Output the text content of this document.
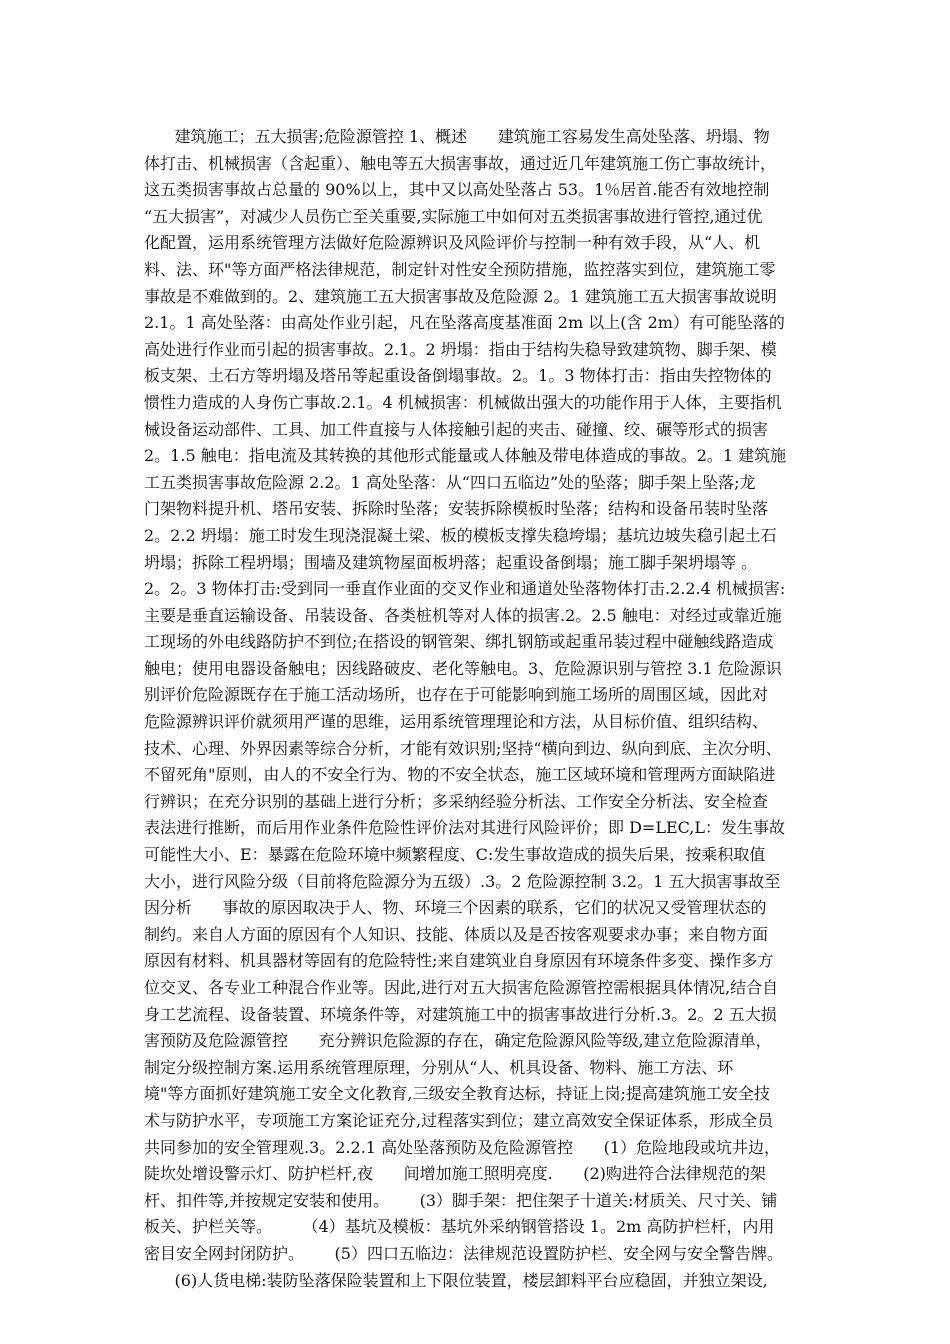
建筑施工；五大损害;危险源管控 1、概述      建筑施工容易发生高处坠落、坍塌、物
体打击、机械损害（含起重）、触电等五大损害事故，通过近几年建筑施工伤亡事故统计，
这五类损害事故占总量的 90%以上，其中又以高处坠落占 53。1％居首.能否有效地控制
“五大损害”，对减少人员伤亡至关重要,实际施工中如何对五类损害事故进行管控,通过优
化配置，运用系统管理方法做好危险源辨识及风险评价与控制一种有效手段，从“人、机
料、法、环"等方面严格法律规范，制定针对性安全预防措施，监控落实到位，建筑施工零
事故是不难做到的。2、建筑施工五大损害事故及危险源 2。1 建筑施工五大损害事故说明
2.1。1 高处坠落：由高处作业引起，凡在坠落高度基准面 2m 以上(含 2m）有可能坠落的
高处进行作业而引起的损害事故。2.1。2 坍塌：指由于结构失稳导致建筑物、脚手架、模
板支架、土石方等坍塌及塔吊等起重设备倒塌事故。2。1。3 物体打击：指由失控物体的
惯性力造成的人身伤亡事故.2.1。4 机械损害：机械做出强大的功能作用于人体，主要指机
械设备运动部件、工具、加工件直接与人体接触引起的夹击、碰撞、绞、碾等形式的损害
2。1.5 触电：指电流及其转换的其他形式能量或人体触及带电体造成的事故。2。1 建筑施
工五类损害事故危险源 2.2。1 高处坠落：从“四口五临边”处的坠落；脚手架上坠落;龙
门架物料提升机、塔吊安装、拆除时坠落；安装拆除模板时坠落；结构和设备吊装时坠落
2。2.2 坍塌：施工时发生现浇混凝土梁、板的模板支撑失稳垮塌；基坑边坡失稳引起土石
坍塌；拆除工程坍塌；围墙及建筑物屋面板坍落；起重设备倒塌；施工脚手架坍塌等 。
2。2。3 物体打击:受到同一垂直作业面的交叉作业和通道处坠落物体打击.2.2.4 机械损害:
主要是垂直运输设备、吊装设备、各类桩机等对人体的损害.2。2.5 触电：对经过或靠近施
工现场的外电线路防护不到位;在搭设的钢管架、绑扎钢筋或起重吊装过程中碰触线路造成
触电；使用电器设备触电；因线路破皮、老化等触电。3、危险源识别与管控 3.1 危险源识
别评价危险源既存在于施工活动场所，也存在于可能影响到施工场所的周围区域，因此对
危险源辨识评价就须用严谨的思维，运用系统管理理论和方法，从目标价值、组织结构、
技术、心理、外界因素等综合分析，才能有效识别;坚持“横向到边、纵向到底、主次分明、
不留死角"原则，由人的不安全行为、物的不安全状态，施工区域环境和管理两方面缺陷进
行辨识；在充分识别的基础上进行分析；多采纳经验分析法、工作安全分析法、安全检查
表法进行推断，而后用作业条件危险性评价法对其进行风险评价；即 D=LEC,L：发生事故
可能性大小、E：暴露在危险环境中频繁程度、C:发生事故造成的损失后果，按乘积取值
大小，进行风险分级（目前将危险源分为五级）.3。2 危险源控制 3.2。1 五大损害事故至
因分析      事故的原因取决于人、物、环境三个因素的联系，它们的状况又受管理状态的
制约。来自人方面的原因有个人知识、技能、体质以及是否按客观要求办事；来自物方面
原因有材料、机具器材等固有的危险特性;来自建筑业自身原因有环境条件多变、操作多方
位交叉、各专业工种混合作业等。因此,进行对五大损害危险源管控需根据具体情况,结合自
身工艺流程、设备装置、环境条件等，对建筑施工中的损害事故进行分析.3。2。2 五大损
害预防及危险源管控      充分辨识危险源的存在，确定危险源风险等级,建立危险源清单，
制定分级控制方案.运用系统管理原理，分别从“人、机具设备、物料、施工方法、环
境"等方面抓好建筑施工安全文化教育,三级安全教育达标，持证上岗;提高建筑施工安全技
术与防护水平，专项施工方案论证充分,过程落实到位；建立高效安全保证体系，形成全员
共同参加的安全管理观.3。2.2.1 高处坠落预防及危险源管控      (1）危险地段或坑井边，
陡坎处增设警示灯、防护栏杆,夜      间增加施工照明亮度.      (2)购进符合法律规范的架
杆、扣件等,并按规定安装和使用。      (3）脚手架：把住架子十道关:材质关、尺寸关、铺
板关、护栏关等。      （4）基坑及模板：基坑外采纳钢管搭设 1。2m 高防护栏杆，内用
密目安全网封闭防护。      (5）四口五临边：法律规范设置防护栏、安全网与安全警告牌。
(6)人货电梯:装防坠落保险装置和上下限位装置，楼层卸料平台应稳固，并独立架设,
